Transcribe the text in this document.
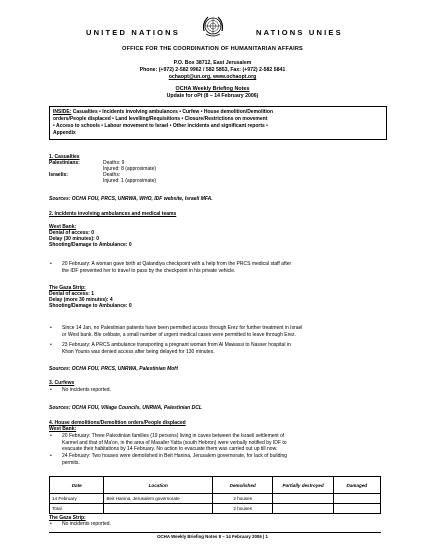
UNITED NATIONS	NATIONS UNIES
OFFICE FOR THE COORDINATION OF HUMANITARIAN AFFAIRS
P.O. Box 38712, East Jerusalem
Phone: (+972) 2-582 9962 / 582 5853, Fax: (+972) 2-582 5841
ochaopt@un.org, www.ochaopt.org
OCHA Weekly Briefing Notes
Update for oPt (8 – 14 February 2006)
INSIDE: Casualties • Incidents involving ambulances • Curfew • House demolition/Demolition
orders/People displaced • Land levelling/Requisitions • Closure/Restrictions on movement
• Access to schools • Labour movement to Israel • Other incidents and significant reports •
Appendix
1. Casualties
Palestinians:	Deaths: 9
Injured: 8 (approximate)
Israelis:	Deaths:
Injured: 1 (approximate)
Sources: OCHA FOU, PRCS, UNRWA, WHO, IDF website, Israeli MFA.
2. Incidents involving ambulances and medical teams
West Bank:
Denial of access: 0
Delay (30 minutes): 0
Shooting/Damage to Ambulance: 0
• 20 February: A woman gave birth at Qalandiya checkpoint with a help from the PRCS medical staff after
the IDF prevented her to travel to pass by the checkpoint in his private vehicle.
The Gaza Strip:
Denial of access: 1
Delay (more 30 minutes): 4
Shooting/Damage to Ambulance: 0
• Since 14 Jan, no Palestinian patients have been permitted access through Erez for further treatment in Israel
or West bank. Ble celibate, a small number of urgent medical cases were permitted to leave through Erez.
• 23 February: A PRCS ambulance transporting a pregnant woman from Al Mawassi to Nasser hospital in
Khan Younis was denied access after being delayed for 130 minutes.
Sources: OCHA FOU, PRCS, UNRWA, Palestinian MoH
3. Curfews
• No incidents reported.
Sources: OCHA FOU, Village Councils, UNRWA, Palestinian DCL
4. House demolitions/Demolition orders/People displaced
West Bank:
• 20 February: Three Palestinian families (19 persons) living in caves between the Israeli settlement of
Karmel and that of Ma'on, in the area of Masafer Yatta (south Hebron) were verbally notified by IDF to
evacuate their habitations by 14 February. No action to evacuate them was carried out up till now.
• 24 February: Two houses were demolished in Beit Hanina, Jerusalem governorate, for lack of building
permits.
Date	Location	Demolished	Partially destroyed	Damaged
14 February	Beit Hanina, Jerusalem governorate	2 houses		
Total		2 houses		
The Gaza Strip:
• No incidents reported.
OCHA Weekly Briefing Notes 8 – 14 February 2006 | 1
